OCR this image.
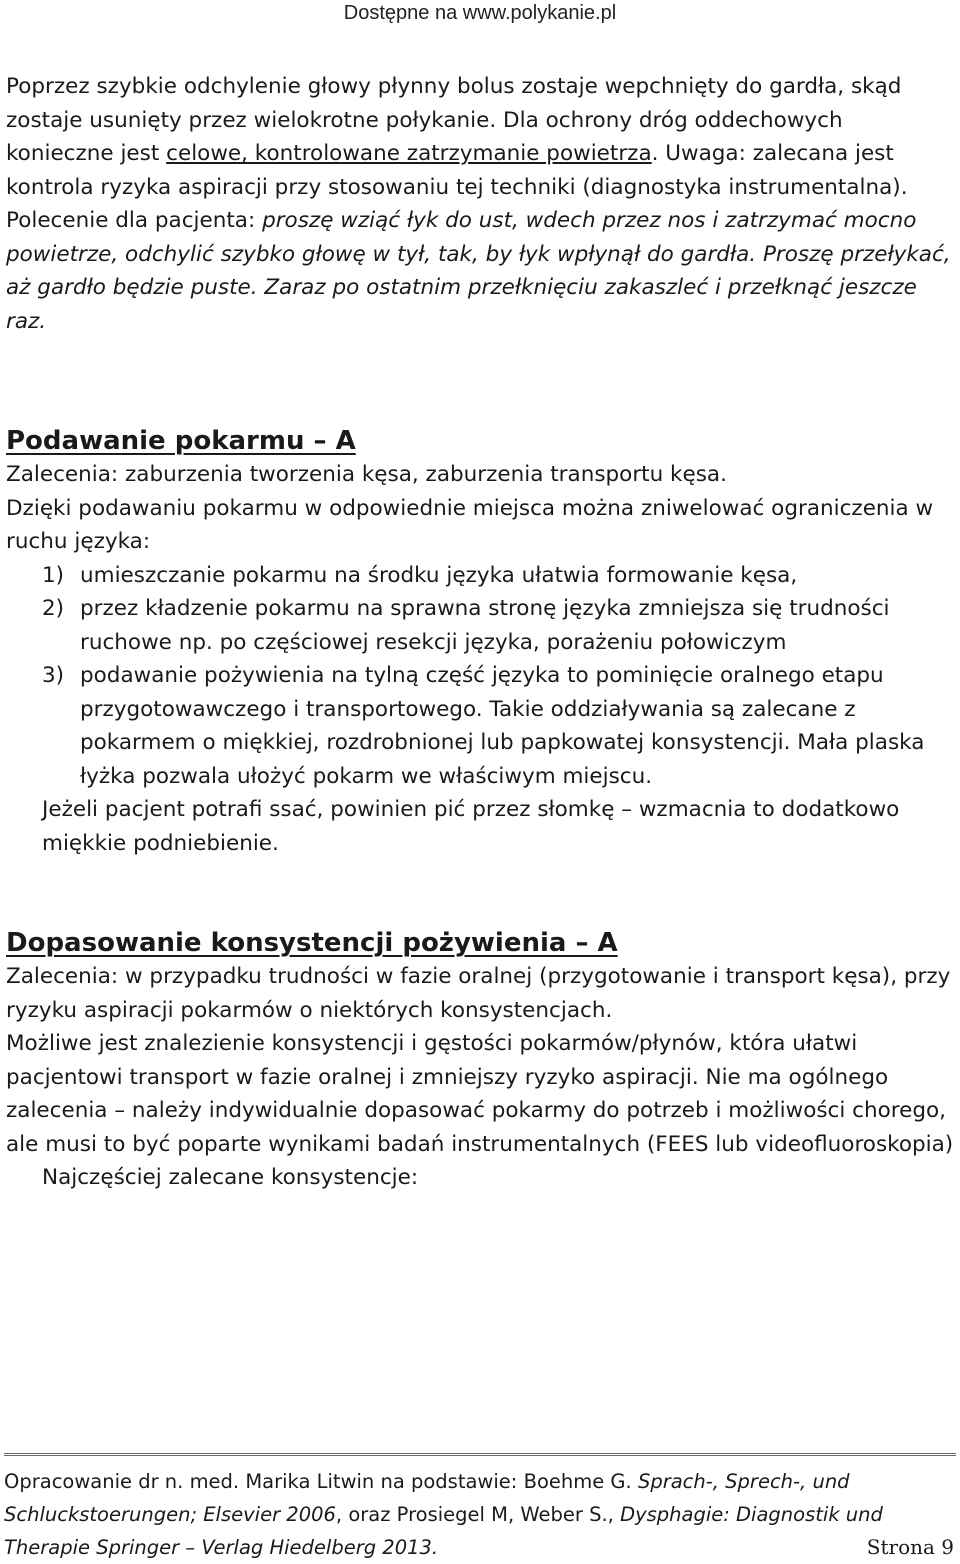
Dostępne na www.polykanie.pl

Poprzez szybkie odchylenie głowy płynny bolus zostaje wepchnięty do gardła, skąd zostaje usunięty przez wielokrotne połykanie. Dla ochrony dróg oddechowych konieczne jest celowe, kontrolowane zatrzymanie powietrza. Uwaga: zalecana jest kontrola ryzyka aspiracji przy stosowaniu tej techniki (diagnostyka instrumentalna).

Polecenie dla pacjenta: proszę wziąć łyk do ust, wdech przez nos i zatrzymać mocno powietrze, odchylić szybko głowę w tył, tak, by łyk wpłynął do gardła. Proszę przełykać, aż gardło będzie puste. Zaraz po ostatnim przełknięciu zakaszleć i przełknąć jeszcze raz.

Podawanie pokarmu – A

Zalecenia: zaburzenia tworzenia kęsa, zaburzenia transportu kęsa.

Dzięki podawaniu pokarmu w odpowiednie miejsca można zniwelować ograniczenia w ruchu języka:

1) umieszczanie pokarmu na środku języka ułatwia formowanie kęsa,
2) przez kładzenie pokarmu na sprawna stronę języka zmniejsza się trudności ruchowe np. po częściowej resekcji języka, porażeniu połowiczym
3) podawanie pożywienia na tylną część języka to pominięcie oralnego etapu przygotowawczego i transportowego. Takie oddziaływania są zalecane z pokarmem o miękkiej, rozdrobnionej lub papkowatej konsystencji. Mała plaska łyżka pozwala ułożyć pokarm we właściwym miejscu.

Jeżeli pacjent potrafi ssać, powinien pić przez słomkę – wzmacnia to dodatkowo miękkie podniebienie.

Dopasowanie konsystencji pożywienia – A

Zalecenia: w przypadku trudności w fazie oralnej (przygotowanie i transport kęsa), przy ryzyku aspiracji pokarmów o niektórych konsystencjach.

Możliwe jest znalezienie konsystencji i gęstości pokarmów/płynów, która ułatwi pacjentowi transport w fazie oralnej i zmniejszy ryzyko aspiracji. Nie ma ogólnego zalecenia – należy indywidualnie dopasować pokarmy do potrzeb i możliwości chorego, ale musi to być poparte wynikami badań instrumentalnych (FEES lub videofluoroskopia)

Najczęściej zalecane konsystencje:

Opracowanie dr n. med. Marika Litwin na podstawie: Boehme G. Sprach-, Sprech-, und Schluckstoerungen; Elsevier 2006, oraz Prosiegel M, Weber S., Dysphagie: Diagnostik und Therapie Springer – Verlag Hiedelberg 2013.	Strona 9
